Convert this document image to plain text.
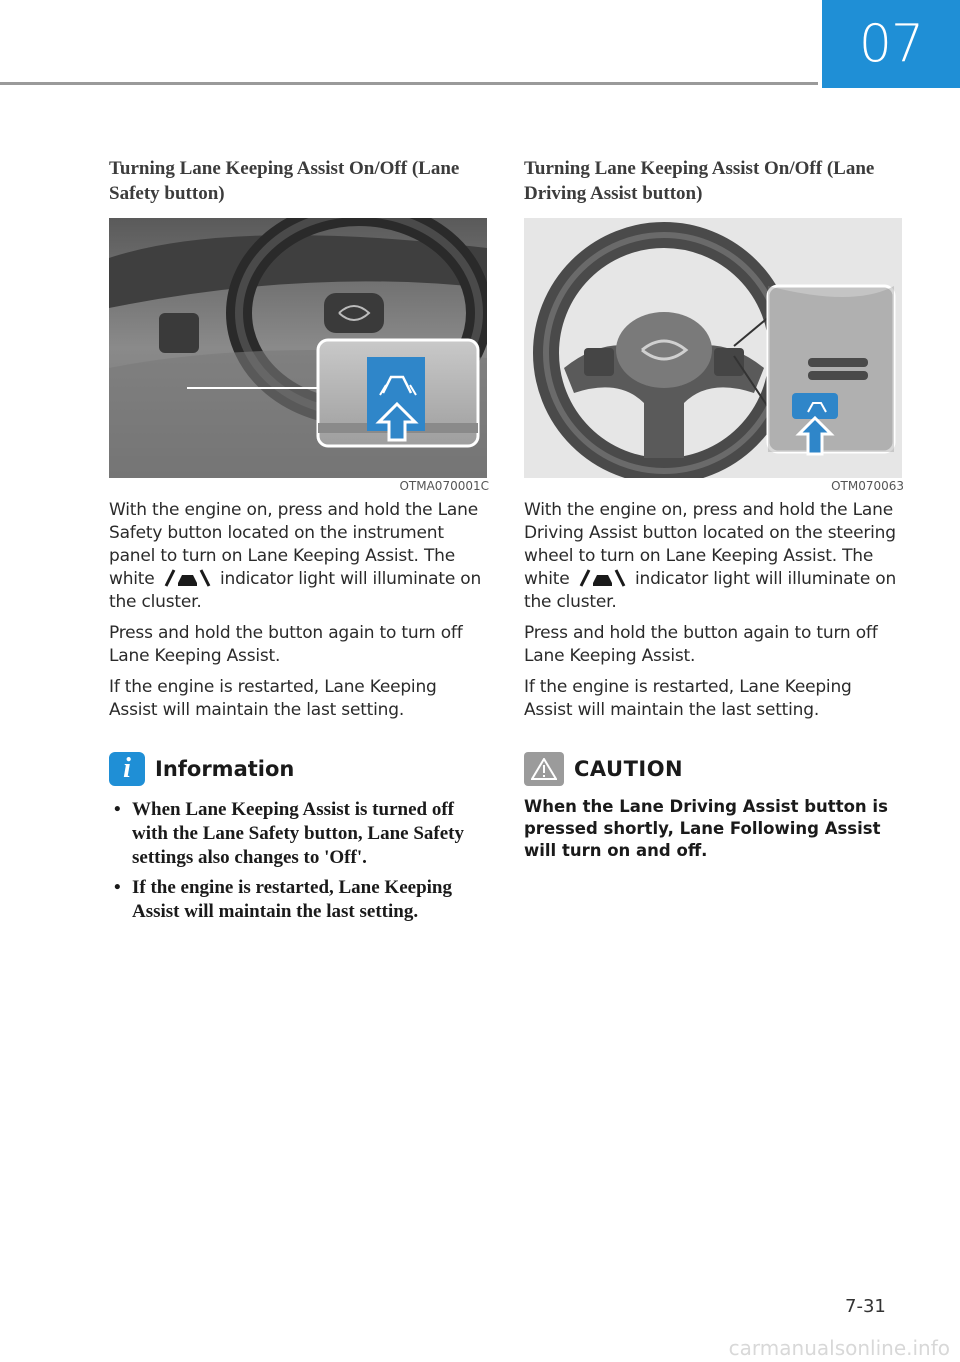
07
Turning Lane Keeping Assist On/Off (Lane Safety button)
OTMA070001C

With the engine on, press and hold the Lane Safety button located on the instrument panel to turn on Lane Keeping Assist. The white	indicator light will illuminate on the cluster.

Press and hold the button again to turn off Lane Keeping Assist.

If the engine is restarted, Lane Keeping Assist will maintain the last setting.

i	Information
• When Lane Keeping Assist is turned off with the Lane Safety button, Lane Safety settings also changes to 'Off'.
• If the engine is restarted, Lane Keeping Assist will maintain the last setting.
Turning Lane Keeping Assist On/Off (Lane Driving Assist button)
OTM070063

With the engine on, press and hold the Lane Driving Assist button located on the steering wheel to turn on Lane Keeping Assist. The white	indicator light will illuminate on the cluster.

Press and hold the button again to turn off Lane Keeping Assist.

If the engine is restarted, Lane Keeping Assist will maintain the last setting.

CAUTION

When the Lane Driving Assist button is pressed shortly, Lane Following Assist will turn on and off.

7-31
carmanualsonline.info
